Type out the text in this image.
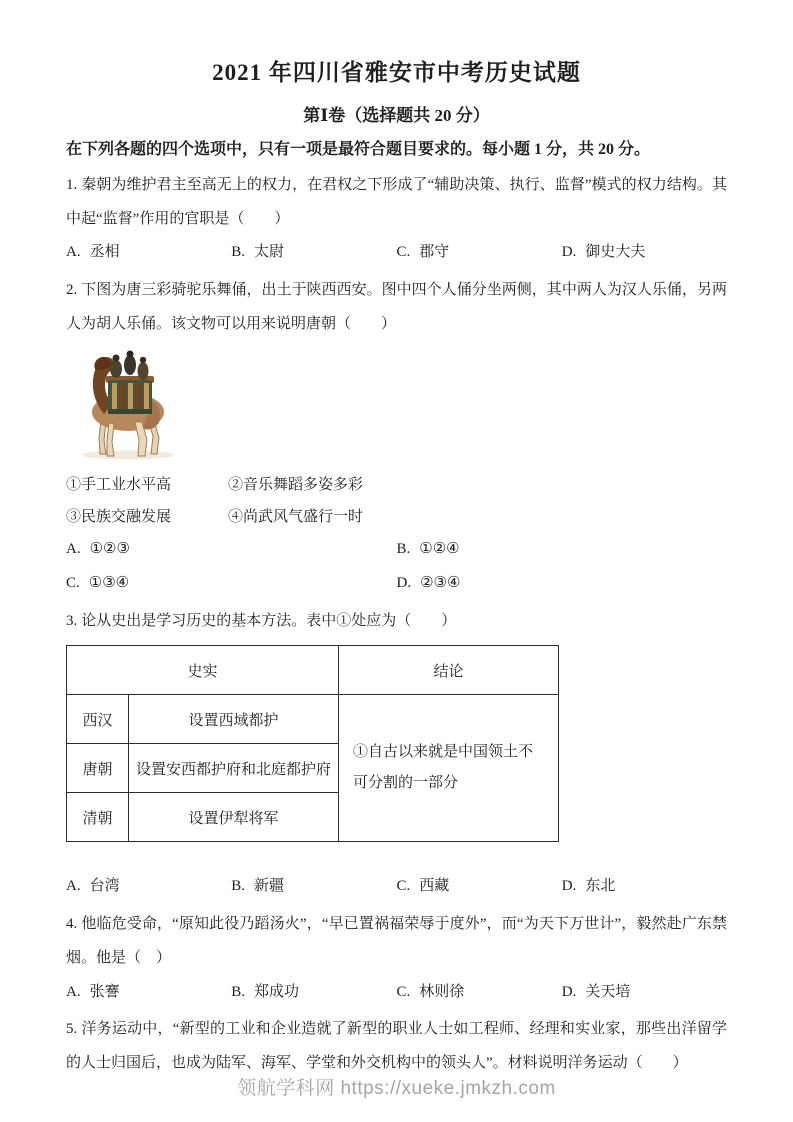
2021 年四川省雅安市中考历史试题
第Ⅰ卷（选择题共 20 分）
在下列各题的四个选项中，只有一项是最符合题目要求的。每小题 1 分，共 20 分。

1. 秦朝为维护君主至高无上的权力，在君权之下形成了“辅助决策、执行、监督”模式的权力结构。其中起“监督”作用的官职是（　　）

A. 丞相	B. 太尉	C. 郡守	D. 御史大夫

2. 下图为唐三彩骑驼乐舞俑，出土于陕西西安。图中四个人俑分坐两侧，其中两人为汉人乐俑，另两人为胡人乐俑。该文物可以用来说明唐朝（　　）

①手工业水平高	②音乐舞蹈多姿多彩
③民族交融发展	④尚武风气盛行一时
A. ①②③	B. ①②④
C. ①③④	D. ②③④

3. 论从史出是学习历史的基本方法。表中①处应为（　　）

史实		结论
西汉	设置西域都护	①自古以来就是中国领土不可分割的一部分
唐朝	设置安西都护府和北庭都护府	
清朝	设置伊犁将军	
A. 台湾	B. 新疆	C. 西藏	D. 东北

4. 他临危受命，“原知此役乃蹈汤火”，“早已置祸福荣辱于度外”，而“为天下万世计”，毅然赴广东禁烟。他是（　）

A. 张謇	B. 郑成功	C. 林则徐	D. 关天培

5. 洋务运动中，“新型的工业和企业造就了新型的职业人士如工程师、经理和实业家，那些出洋留学的人士归国后，也成为陆军、海军、学堂和外交机构中的领头人”。材料说明洋务运动（　　）

领航学科网 https://xueke.jmkzh.com
